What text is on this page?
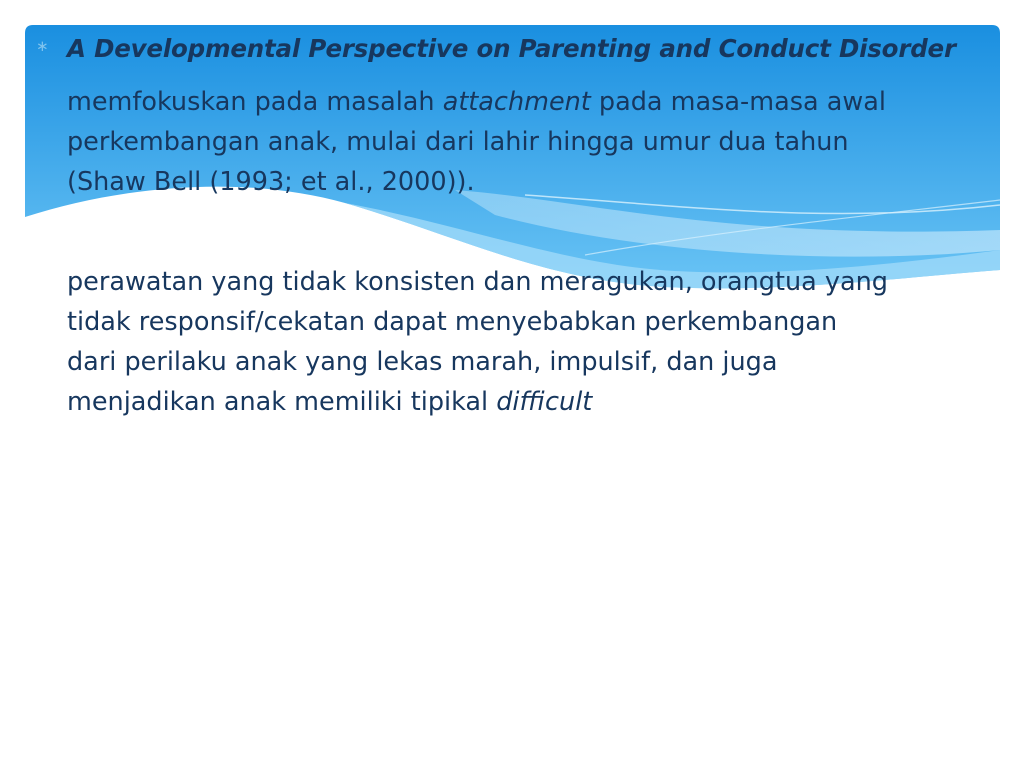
∗ A Developmental Perspective on Parenting and Conduct Disorder
memfokuskan pada masalah attachment pada masa-masa awal
perkembangan anak, mulai dari lahir hingga umur dua tahun
(Shaw Bell (1993; et al., 2000)).
perawatan yang tidak konsisten dan meragukan, orangtua yang
tidak responsif/cekatan dapat menyebabkan perkembangan
dari perilaku anak yang lekas marah, impulsif, dan juga
menjadikan anak memiliki tipikal difficult
